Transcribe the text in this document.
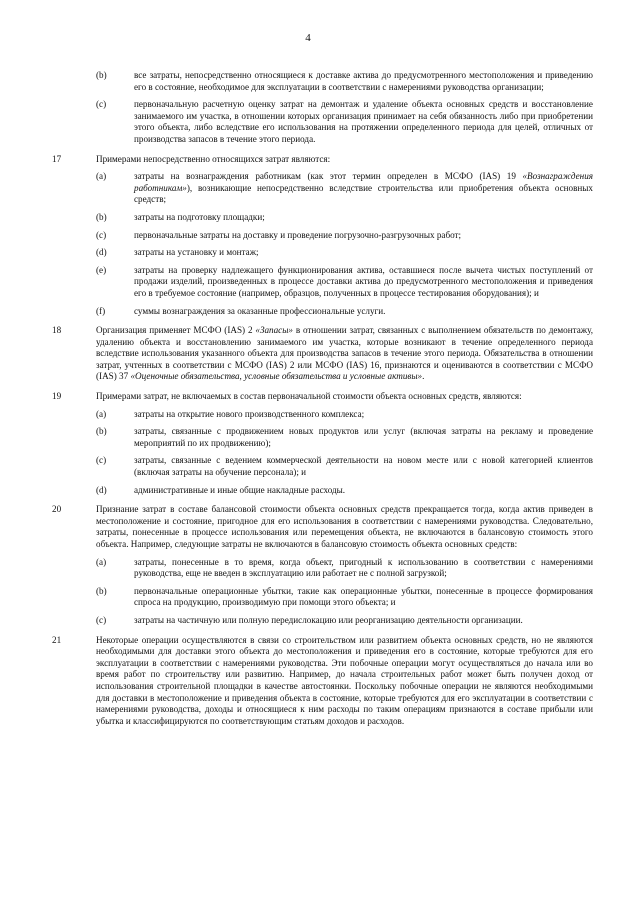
4
(b)	все затраты, непосредственно относящиеся к доставке актива до предусмотренного местоположения и приведению его в состояние, необходимое для эксплуатации в соответствии с намерениями руководства организации;
(c)	первоначальную расчетную оценку затрат на демонтаж и удаление объекта основных средств и восстановление занимаемого им участка, в отношении которых организация принимает на себя обязанность либо при приобретении этого объекта, либо вследствие его использования на протяжении определенного периода для целей, отличных от производства запасов в течение этого периода.
17	Примерами непосредственно относящихся затрат являются:
(a)	затраты на вознаграждения работникам (как этот термин определен в МСФО (IAS) 19 «Вознаграждения работникам»), возникающие непосредственно вследствие строительства или приобретения объекта основных средств;
(b)	затраты на подготовку площадки;
(c)	первоначальные затраты на доставку и проведение погрузочно-разгрузочных работ;
(d)	затраты на установку и монтаж;
(e)	затраты на проверку надлежащего функционирования актива, оставшиеся после вычета чистых поступлений от продажи изделий, произведенных в процессе доставки актива до предусмотренного местоположения и приведения его в требуемое состояние (например, образцов, полученных в процессе тестирования оборудования); и
(f)	суммы вознаграждения за оказанные профессиональные услуги.
18	Организация применяет МСФО (IAS) 2 «Запасы» в отношении затрат, связанных с выполнением обязательств по демонтажу, удалению объекта и восстановлению занимаемого им участка, которые возникают в течение определенного периода вследствие использования указанного объекта для производства запасов в течение этого периода. Обязательства в отношении затрат, учтенных в соответствии с МСФО (IAS) 2 или МСФО (IAS) 16, признаются и оцениваются в соответствии с МСФО (IAS) 37 «Оценочные обязательства, условные обязательства и условные активы».
19	Примерами затрат, не включаемых в состав первоначальной стоимости объекта основных средств, являются:
(a)	затраты на открытие нового производственного комплекса;
(b)	затраты, связанные с продвижением новых продуктов или услуг (включая затраты на рекламу и проведение мероприятий по их продвижению);
(c)	затраты, связанные с ведением коммерческой деятельности на новом месте или с новой категорией клиентов (включая затраты на обучение персонала); и
(d)	административные и иные общие накладные расходы.
20	Признание затрат в составе балансовой стоимости объекта основных средств прекращается тогда, когда актив приведен в местоположение и состояние, пригодное для его использования в соответствии с намерениями руководства. Следовательно, затраты, понесенные в процессе использования или перемещения объекта, не включаются в балансовую стоимость этого объекта. Например, следующие затраты не включаются в балансовую стоимость объекта основных средств:
(a)	затраты, понесенные в то время, когда объект, пригодный к использованию в соответствии с намерениями руководства, еще не введен в эксплуатацию или работает не с полной загрузкой;
(b)	первоначальные операционные убытки, такие как операционные убытки, понесенные в процессе формирования спроса на продукцию, производимую при помощи этого объекта; и
(c)	затраты на частичную или полную передислокацию или реорганизацию деятельности организации.
21	Некоторые операции осуществляются в связи со строительством или развитием объекта основных средств, но не являются необходимыми для доставки этого объекта до местоположения и приведения его в состояние, которые требуются для его эксплуатации в соответствии с намерениями руководства. Эти побочные операции могут осуществляться до начала или во время работ по строительству или развитию. Например, до начала строительных работ может быть получен доход от использования строительной площадки в качестве автостоянки. Поскольку побочные операции не являются необходимыми для доставки в местоположение и приведения объекта в состояние, которые требуются для его эксплуатации в соответствии с намерениями руководства, доходы и относящиеся к ним расходы по таким операциям признаются в составе прибыли или убытка и классифицируются по соответствующим статьям доходов и расходов.
